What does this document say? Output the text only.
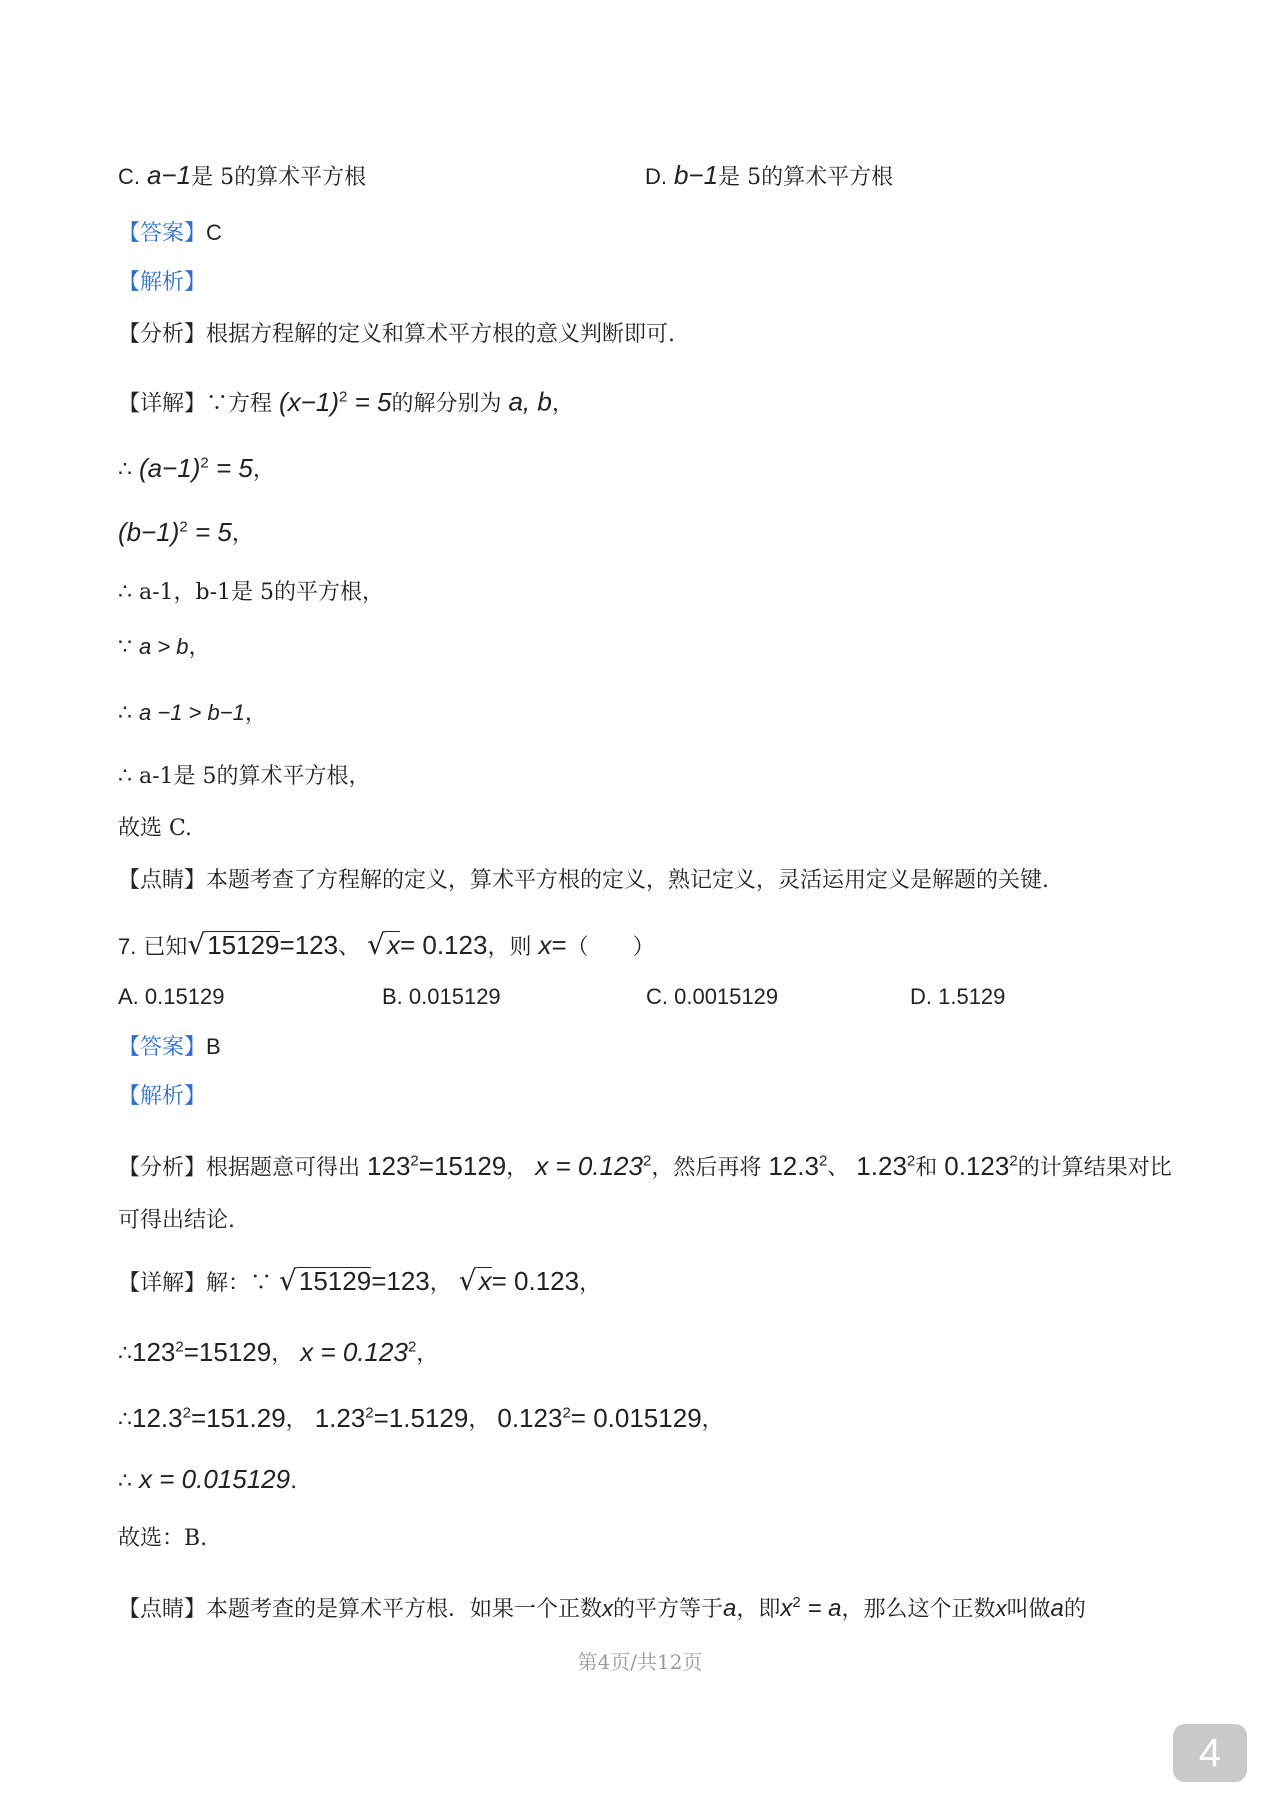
C. a−1是 5的算术平方根	D. b−1是 5的算术平方根
【答案】C
【解析】
【分析】根据方程解的定义和算术平方根的意义判断即可.
【详解】∵方程 $(x-1)^2 = 5$的解分别为 a, b，
∴ $(a-1)^2 = 5$，
$(b-1)^2 = 5$，
∴ a-1，b-1是 5的平方根，
∵ a > b，
∴ a −1 > b−1，
∴ a-1是 5的算术平方根，
故选 C.
【点睛】本题考查了方程解的定义，算术平方根的定义，熟记定义，灵活运用定义是解题的关键.
7. 已知√15129=123、 √x= 0.123，则 x=（　　）
A. 0.15129	B. 0.015129	C. 0.0015129	D. 1.5129
【答案】B
【解析】
【分析】根据题意可得出 $123^2=15129$， $x = 0.123^2$，然后再将 12.3$^2$、 1.23$^2$和 0.123$^2$的计算结果对比
可得出结论.
【详解】解：∵ √15129=123， √x= 0.123，
$\therefore 123^2=15129$， $x = 0.123^2$，
$\therefore 12.3^2=151.29$， $1.23^2=1.5129$， $0.123^2= 0.015129$，
∴ x = 0.015129.
故选：B.
【点睛】本题考查的是算术平方根．如果一个正数x的平方等于a，即$x^2 = a$，那么这个正数x叫做a的
第4页/共12页
4
